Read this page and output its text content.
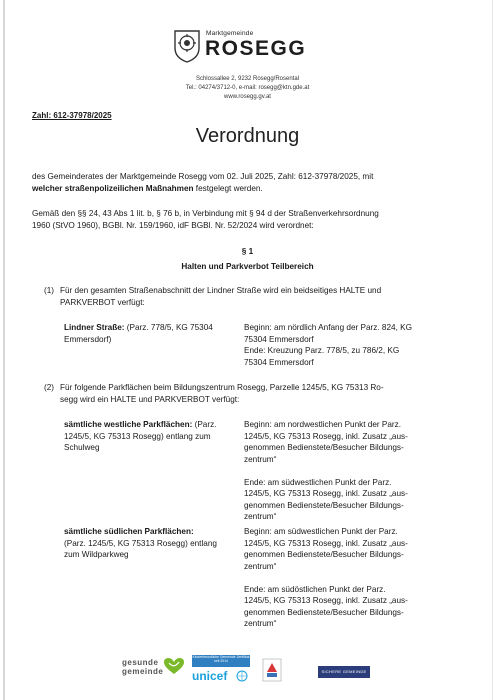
Marktgemeinde
ROSEGG
Schlossallee 2, 9232 Rosegg/Rosental
Tel.: 04274/3712-0, e-mail: rosegg@ktn.gde.at
www.rosegg.gv.at
Zahl: 612-37978/2025
Verordnung
des Gemeinderates der Marktgemeinde Rosegg vom 02. Juli 2025, Zahl: 612-37978/2025, mit
welcher straßenpolizeilichen Maßnahmen festgelegt werden.
Gemäß den §§ 24, 43 Abs 1 lit. b, § 76 b, in Verbindung mit § 94 d der Straßenverkehrsordnung
1960 (StVO 1960), BGBl. Nr. 159/1960, idF BGBl. Nr. 52/2024 wird verordnet:
§ 1
Halten und Parkverbot Teilbereich
(1) Für den gesamten Straßenabschnitt der Lindner Straße wird ein beidseitiges HALTE und
PARKVERBOT verfügt:
Lindner Straße: (Parz. 778/5, KG 75304
Emmersdorf)
Beginn: am nördlich Anfang der Parz. 824, KG
75304 Emmersdorf
Ende: Kreuzung Parz. 778/5, zu 786/2, KG
75304 Emmersdorf
(2) Für folgende Parkflächen beim Bildungszentrum Rosegg, Parzelle 1245/5, KG 75313 Ro-
segg wird ein HALTE und PARKVERBOT verfügt:
sämtliche westliche Parkflächen: (Parz.
1245/5, KG 75313 Rosegg) entlang zum
Schulweg
Beginn: am nordwestlichen Punkt der Parz.
1245/5, KG 75313 Rosegg, inkl. Zusatz „aus-
genommen Bedienstete/Besucher Bildungs-
zentrum“
Ende: am südwestlichen Punkt der Parz.
1245/5, KG 75313 Rosegg, inkl. Zusatz „aus-
genommen Bedienstete/Besucher Bildungs-
zentrum“
sämtliche südlichen Parkflächen:
(Parz. 1245/5, KG 75313 Rosegg) entlang
zum Wildparkweg
Beginn: am südwestlichen Punkt der Parz.
1245/5, KG 75313 Rosegg, inkl. Zusatz „aus-
genommen Bedienstete/Besucher Bildungs-
zentrum“
Ende: am südöstlichen Punkt der Parz.
1245/5, KG 75313 Rosegg, inkl. Zusatz „aus-
genommen Bedienstete/Besucher Bildungs-
zentrum“
gesunde
gemeinde
Kinderfreundliche Gemeinde Zertifikat seit 2014
unicef	SICHERE GEMEINDE
